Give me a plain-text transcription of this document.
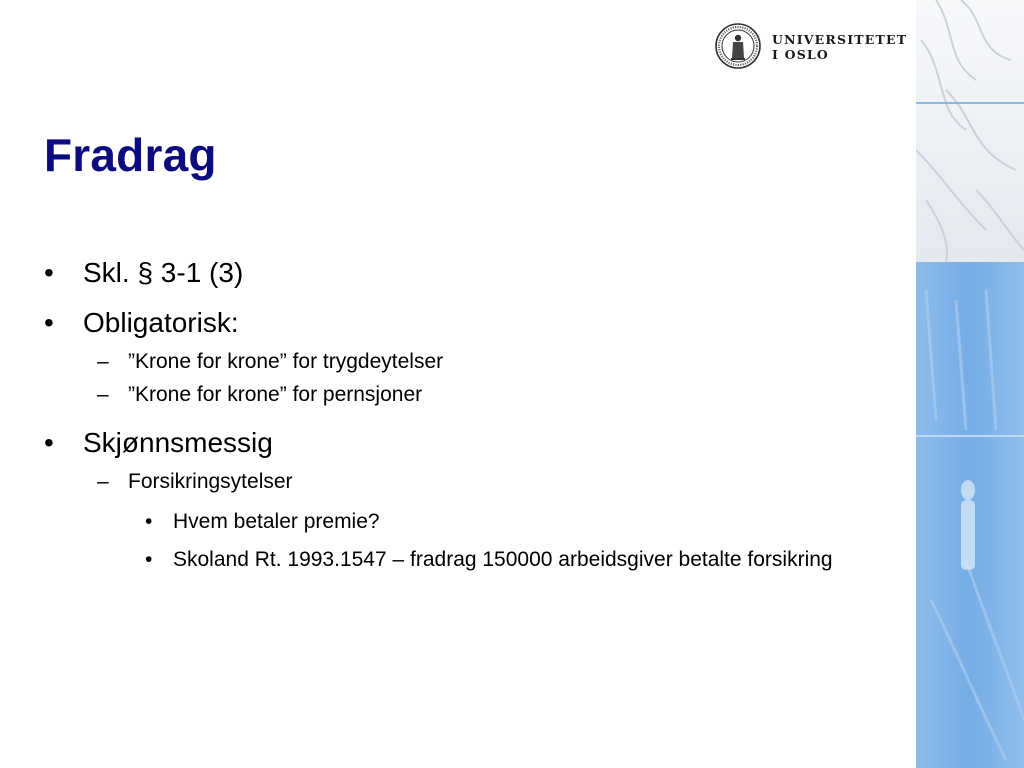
UNIVERSITETET
I OSLO
Fradrag
• Skl. § 3-1 (3)
• Obligatorisk:
– ”Krone for krone” for trygdeytelser
– ”Krone for krone” for pernsjoner
• Skjønnsmessig
– Forsikringsytelser
• Hvem betaler premie?
• Skoland Rt. 1993.1547 – fradrag 150000 arbeidsgiver betalte forsikring
